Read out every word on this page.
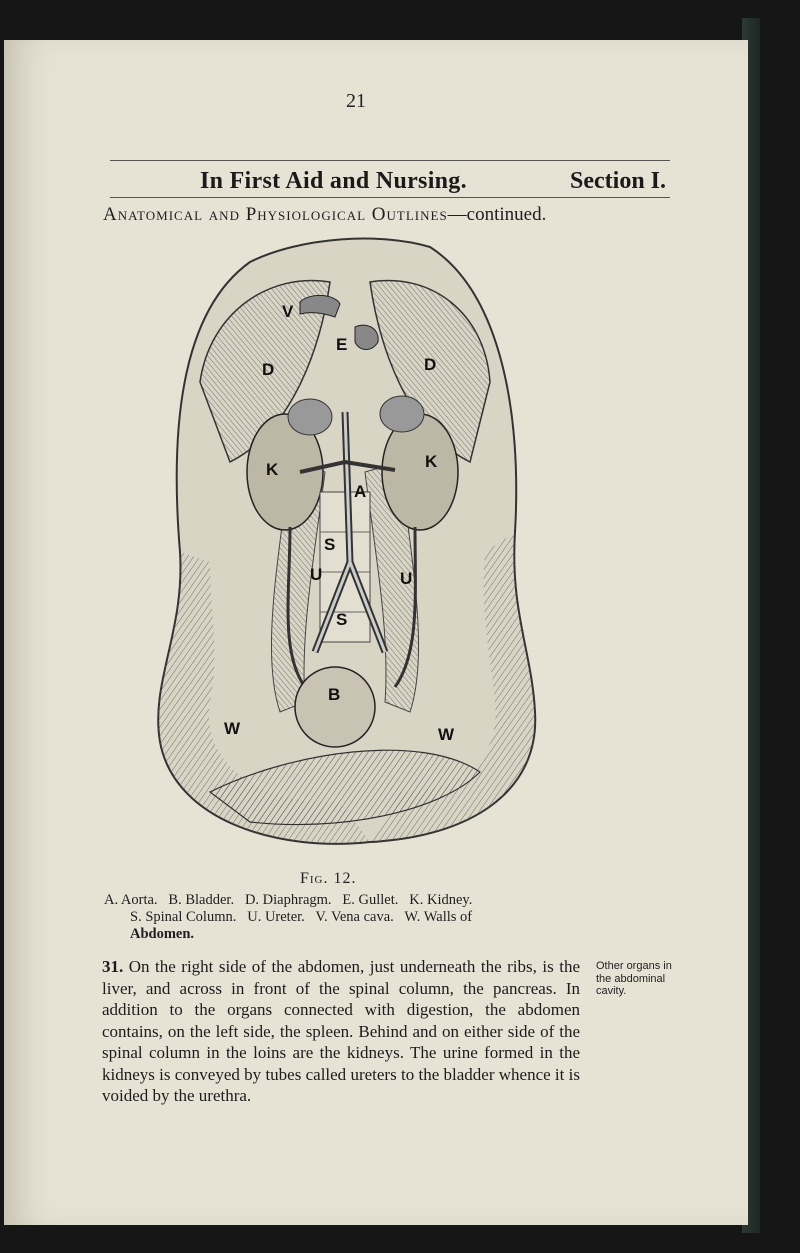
21
In First Aid and Nursing.	Section I.
Anatomical and Physiological Outlines—continued.
V
E
D	D
K	K
A
S
U	U
S
B
W	W
Fig. 12.
A. Aorta.   B. Bladder.   D. Diaphragm.   E. Gullet.   K. Kidney.
S. Spinal Column.   U. Ureter.   V. Vena cava.   W. Walls of
Abdomen.
31. On the right side of the abdomen, just underneath the ribs, is the liver, and across in front of the spinal column, the pancreas. In addition to the organs connected with digestion, the abdomen contains, on the left side, the spleen. Behind and on either side of the spinal column in the loins are the kidneys. The urine formed in the kidneys is conveyed by tubes called ureters to the bladder whence it is voided by the urethra.
Other organs in the abdominal cavity.
